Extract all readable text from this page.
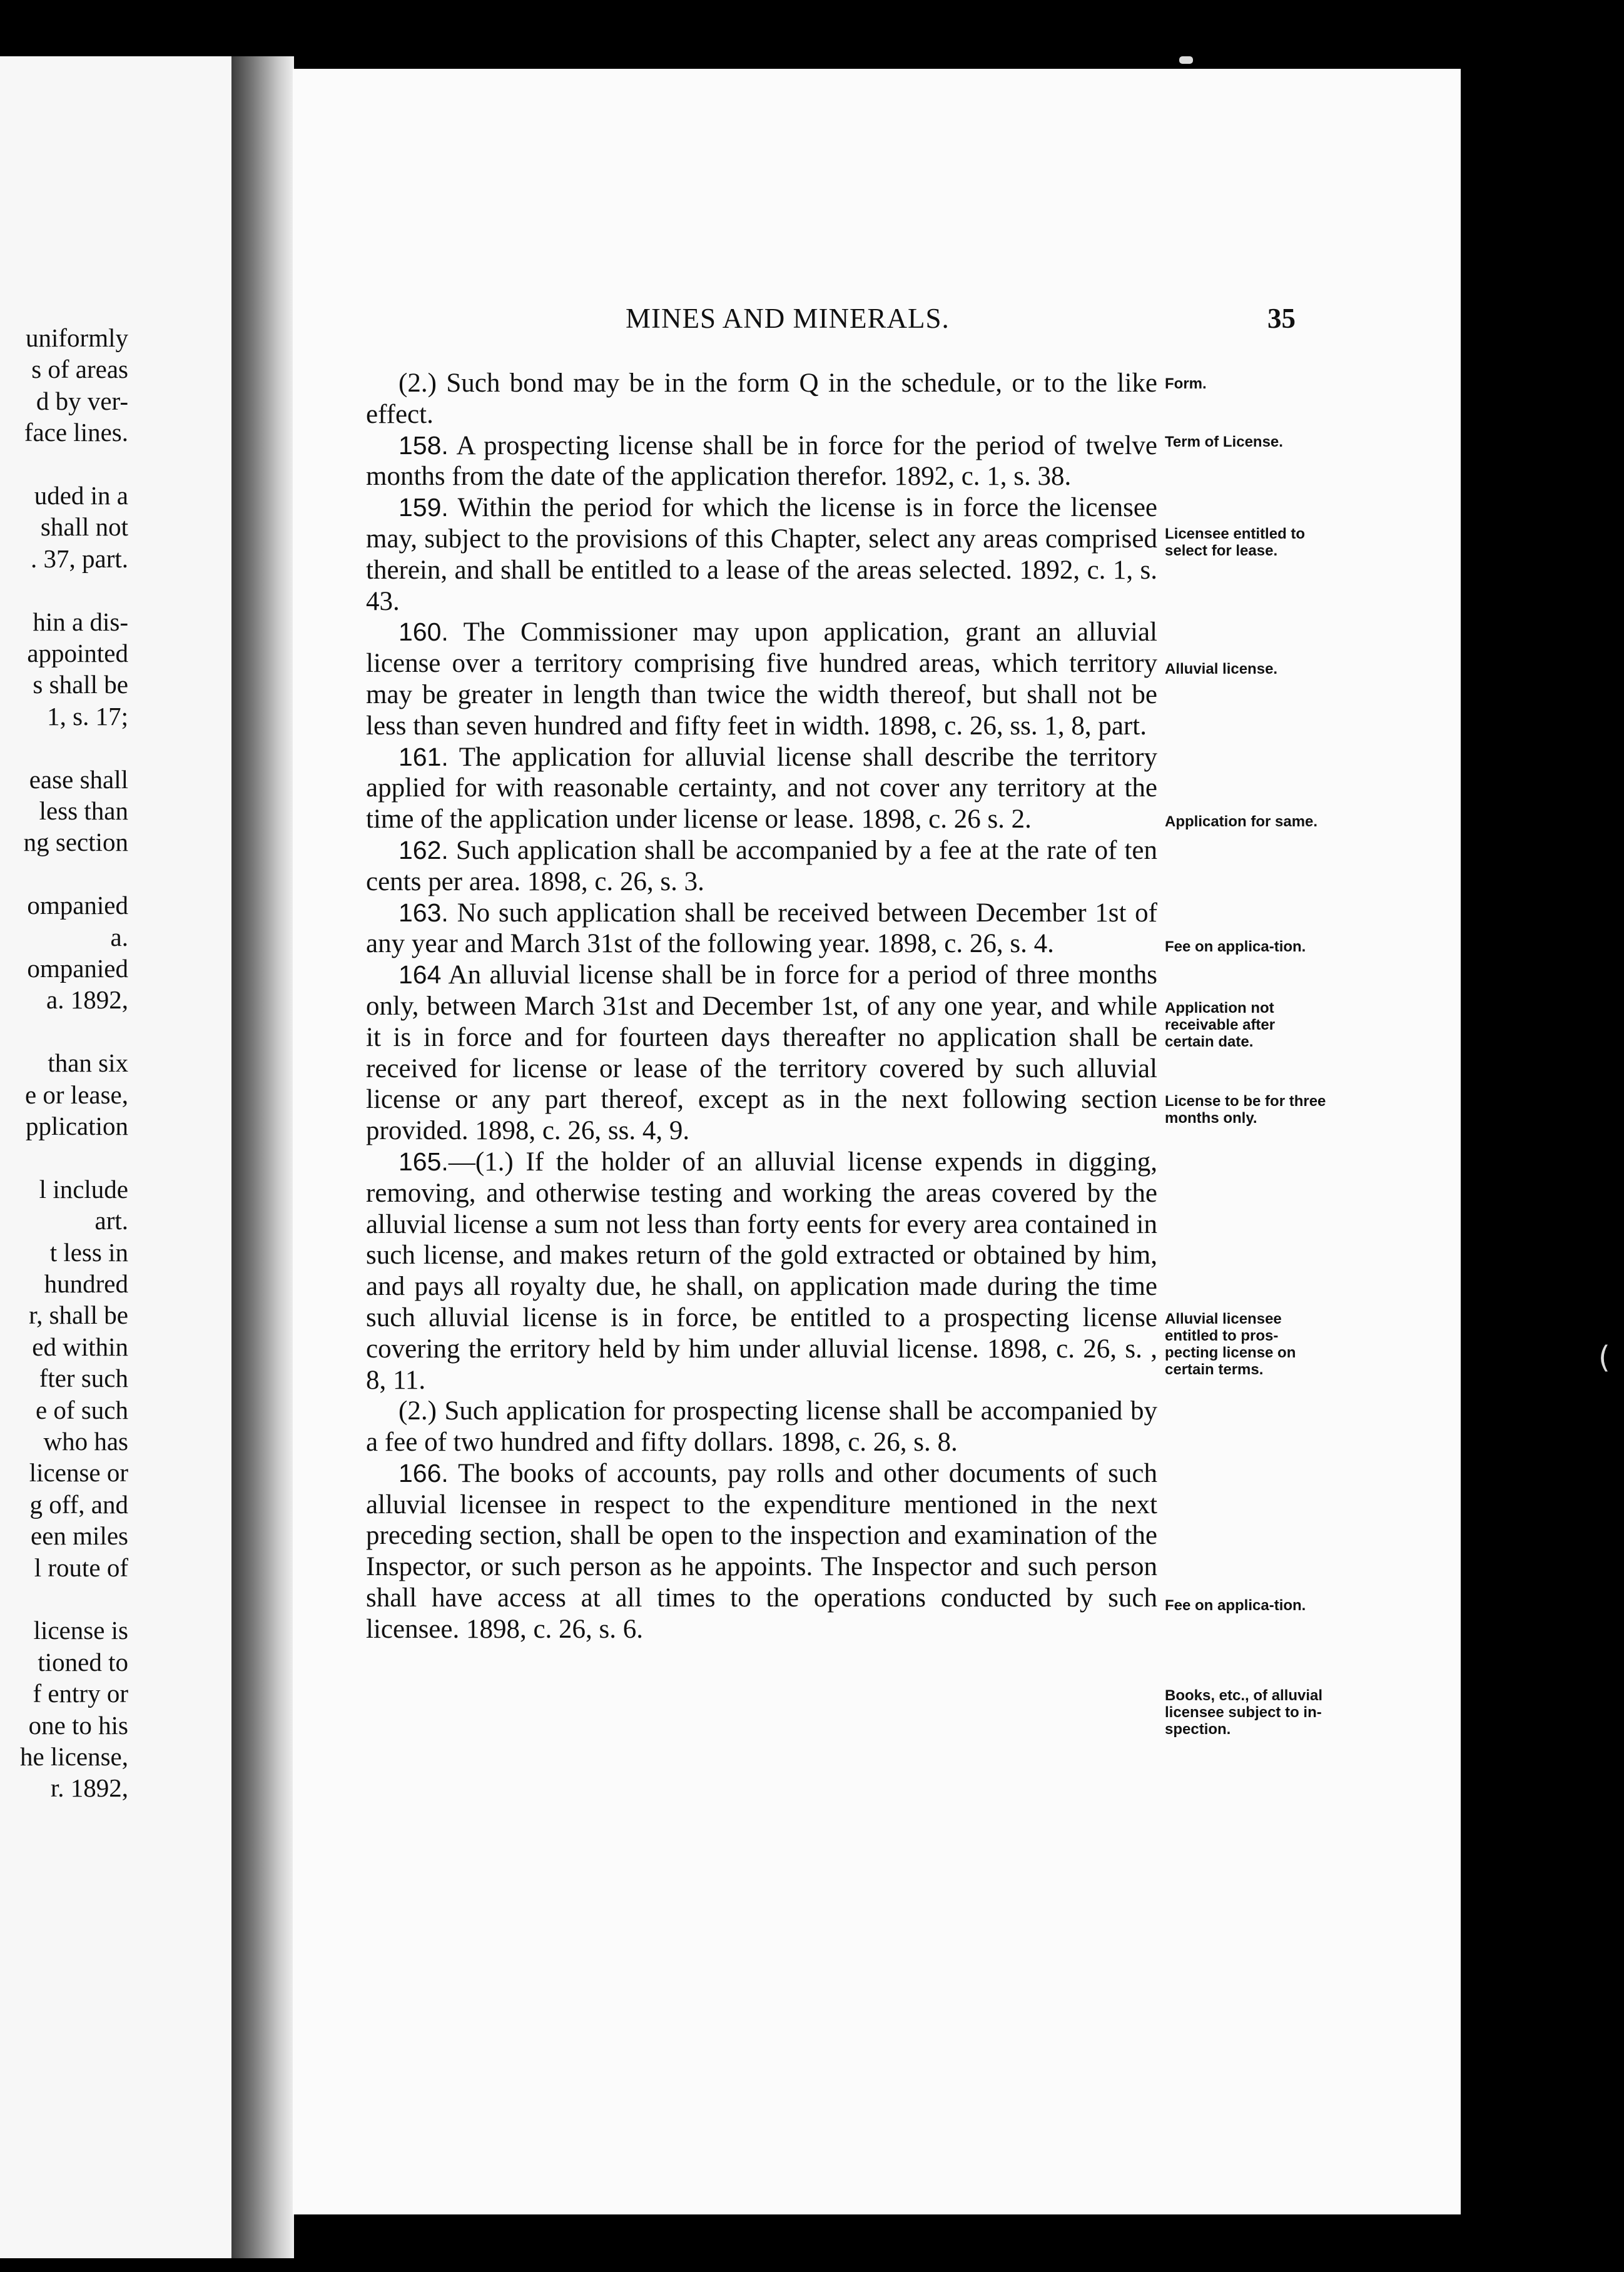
uniformly
s of areas
d by ver-
face lines.
uded in a
shall not
. 37, part.
hin a dis-
appointed
s shall be
1, s. 17;
ease shall
less than
ng section
ompanied
a.
ompanied
a. 1892,
than six
e or lease,
pplication
l include
art.
t less in
hundred
r, shall be
ed within
fter such
e of such
who has
license or
g off, and
een miles
l route of
license is
tioned to
f entry or
one to his
he license,
r. 1892,
MINES AND MINERALS.	35

(2.) Such bond may be in the form Q in the schedule, or to the like effect.

158. A prospecting license shall be in force for the period of twelve months from the date of the application therefor. 1892, c. 1, s. 38.

159. Within the period for which the license is in force the licensee may, subject to the provisions of this Chapter, select any areas comprised therein, and shall be entitled to a lease of the areas selected. 1892, c. 1, s. 43.

160. The Commissioner may upon application, grant an alluvial license over a territory comprising five hundred areas, which territory may be greater in length than twice the width thereof, but shall not be less than seven hundred and fifty feet in width. 1898, c. 26, ss. 1, 8, part.

161. The application for alluvial license shall describe the territory applied for with reasonable certainty, and not cover any territory at the time of the application under license or lease. 1898, c. 26 s. 2.

162. Such application shall be accompanied by a fee at the rate of ten cents per area. 1898, c. 26, s. 3.

163. No such application shall be received between December 1st of any year and March 31st of the following year. 1898, c. 26, s. 4.

164 An alluvial license shall be in force for a period of three months only, between March 31st and December 1st, of any one year, and while it is in force and for fourteen days thereafter no application shall be received for license or lease of the territory covered by such alluvial license or any part thereof, except as in the next following section provided. 1898, c. 26, ss. 4, 9.

165.—(1.) If the holder of an alluvial license expends in digging, removing, and otherwise testing and working the areas covered by the alluvial license a sum not less than forty eents for every area contained in such license, and makes return of the gold extracted or obtained by him, and pays all royalty due, he shall, on application made during the time such alluvial license is in force, be entitled to a prospecting license covering the erritory held by him under alluvial license. 1898, c. 26, s. , 8, 11.

(2.) Such application for prospecting license shall be accompanied by a fee of two hundred and fifty dollars. 1898, c. 26, s. 8.

166. The books of accounts, pay rolls and other documents of such alluvial licensee in respect to the expenditure mentioned in the next preceding section, shall be open to the inspection and examination of the Inspector, or such person as he appoints. The Inspector and such person shall have access at all times to the operations conducted by such licensee. 1898, c. 26, s. 6.

Form.
Term of License.
Licensee entitled to select for lease.
Alluvial license.
Application for same.
Fee on applica-tion.
Application not receivable after certain date.
License to be for three months only.
Alluvial licensee entitled to pros-pecting license on certain terms.
Fee on applica-tion.
Books, etc., of alluvial licensee subject to in-spection.
(
